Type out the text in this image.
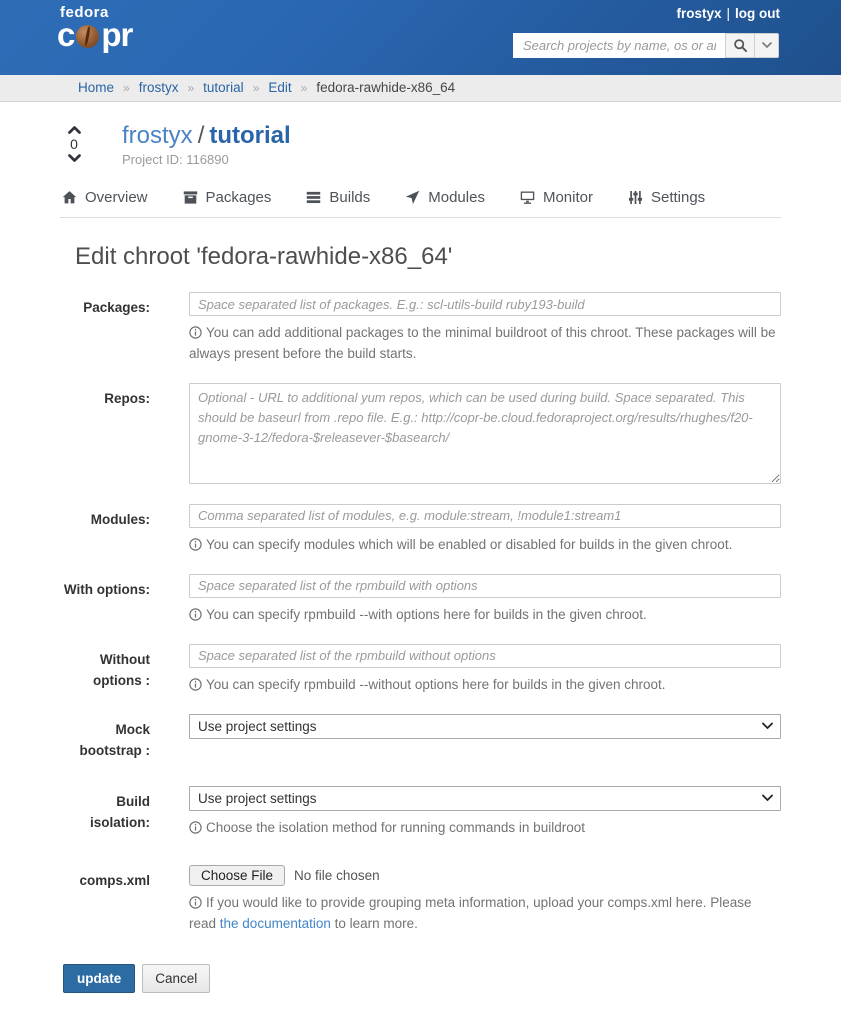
fedora
c pr
frostyx | log out
Search projects by name, os or arch
Home » frostyx » tutorial » Edit » fedora-rawhide-x86_64
0	frostyx / tutorial
Project ID: 116890
Overview	Packages	Builds	Modules	Monitor	Settings
Edit chroot 'fedora-rawhide-x86_64'
Packages:
Space separated list of packages. E.g.: scl-utils-build ruby193-build
You can add additional packages to the minimal buildroot of this chroot. These packages will be always present before the build starts.
Repos:
Optional - URL to additional yum repos, which can be used during build. Space separated. This should be baseurl from .repo file. E.g.: http://copr-be.cloud.fedoraproject.org/results/rhughes/f20-gnome-3-12/fedora-$releasever-$basearch/
Modules:
Comma separated list of modules, e.g. module:stream, !module1:stream1
You can specify modules which will be enabled or disabled for builds in the given chroot.
With options:
Space separated list of the rpmbuild with options
You can specify rpmbuild --with options here for builds in the given chroot.
Without options :
Space separated list of the rpmbuild without options	You can specify rpmbuild --without options here for builds in the given chroot.
Mock bootstrap :
Use project settings
Build isolation:
Use project settings	Choose the isolation method for running commands in buildroot
comps.xml	Choose File No file chosen
If you would like to provide grouping meta information, upload your comps.xml here. Please read the documentation to learn more.
update	Cancel
